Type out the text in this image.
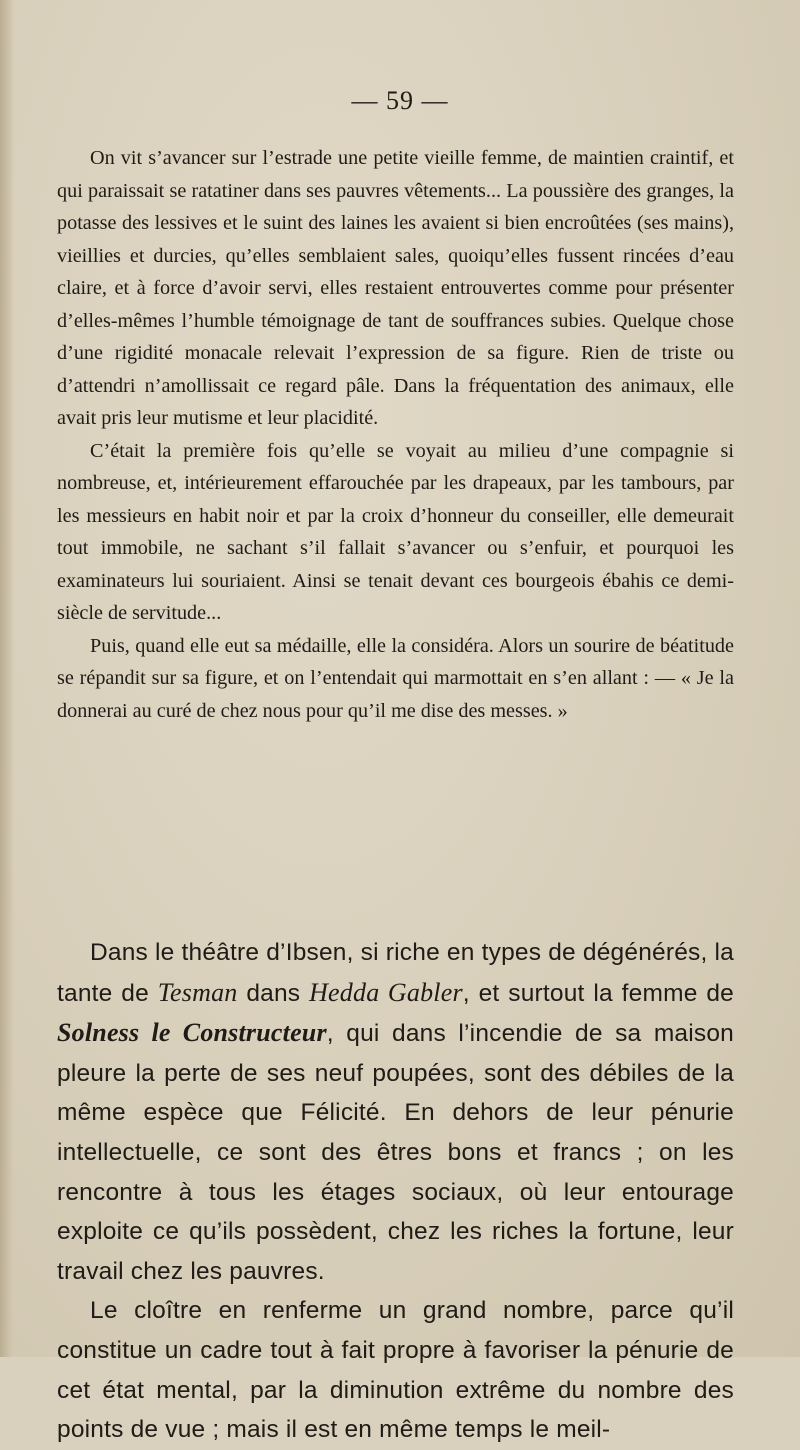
— 59 —

On vit s’avancer sur l’estrade une petite vieille femme, de maintien craintif, et qui paraissait se ratatiner dans ses pauvres vêtements... La poussière des granges, la potasse des lessives et le suint des laines les avaient si bien encroûtées (ses mains), vieillies et durcies, qu’elles semblaient sales, quoiqu’elles fussent rincées d’eau claire, et à force d’avoir servi, elles restaient entrouvertes comme pour présenter d’elles-mêmes l’humble témoignage de tant de souffrances subies. Quelque chose d’une rigidité monacale relevait l’expression de sa figure. Rien de triste ou d’attendri n’amollissait ce regard pâle. Dans la fréquentation des animaux, elle avait pris leur mutisme et leur placidité.

C’était la première fois qu’elle se voyait au milieu d’une compagnie si nombreuse, et, intérieurement effarouchée par les drapeaux, par les tambours, par les messieurs en habit noir et par la croix d’honneur du conseiller, elle demeurait tout immobile, ne sachant s’il fallait s’avancer ou s’enfuir, et pourquoi les examinateurs lui souriaient. Ainsi se tenait devant ces bourgeois ébahis ce demi-siècle de servitude...

Puis, quand elle eut sa médaille, elle la considéra. Alors un sourire de béatitude se répandit sur sa figure, et on l’entendait qui marmottait en s’en allant : — « Je la donnerai au curé de chez nous pour qu’il me dise des messes. »

Dans le théâtre d’Ibsen, si riche en types de dégénérés, la tante de Tesman dans Hedda Gabler, et surtout la femme de Solness le Constructeur, qui dans l’incendie de sa maison pleure la perte de ses neuf poupées, sont des débiles de la même espèce que Félicité. En dehors de leur pénurie intellectuelle, ce sont des êtres bons et francs ; on les rencontre à tous les étages sociaux, où leur entourage exploite ce qu’ils possèdent, chez les riches la fortune, leur travail chez les pauvres.

Le cloître en renferme un grand nombre, parce qu’il constitue un cadre tout à fait propre à favoriser la pénurie de cet état mental, par la diminution extrême du nombre des points de vue ; mais il est en même temps le meil-
